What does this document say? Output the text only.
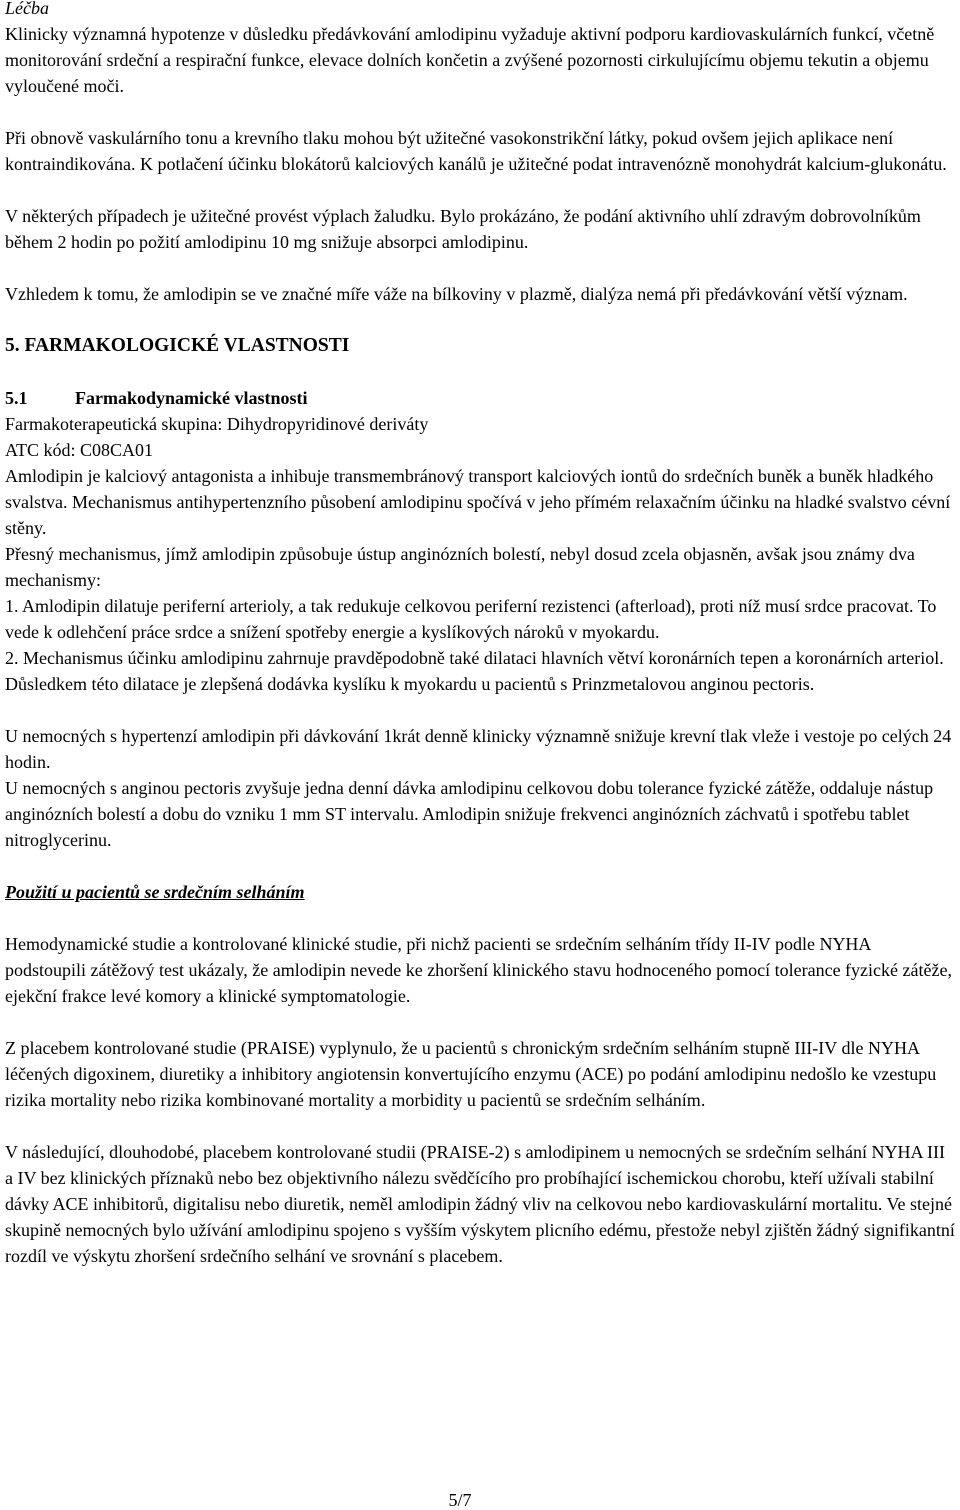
Léčba

Klinicky významná hypotenze v důsledku předávkování amlodipinu vyžaduje aktivní podporu kardiovaskulárních funkcí, včetně monitorování srdeční a respirační funkce, elevace dolních končetin a zvýšené pozornosti cirkulujícímu objemu tekutin a objemu vyloučené moči.

Při obnově vaskulárního tonu a krevního tlaku mohou být užitečné vasokonstrikční látky, pokud ovšem jejich aplikace není kontraindikována. K potlačení účinku blokátorů kalciových kanálů je užitečné podat intravenózně monohydrát kalcium-glukonátu.

V některých případech je užitečné provést výplach žaludku. Bylo prokázáno, že podání aktivního uhlí zdravým dobrovolníkům během 2 hodin po požití amlodipinu 10 mg snižuje absorpci amlodipinu.

Vzhledem k tomu, že amlodipin se ve značné míře váže na bílkoviny v plazmě, dialýza nemá při předávkování větší význam.

5. FARMAKOLOGICKÉ VLASTNOSTI

5.1	Farmakodynamické vlastnosti

Farmakoterapeutická skupina: Dihydropyridinové deriváty

ATC kód: C08CA01

Amlodipin je kalciový antagonista a inhibuje transmembránový transport kalciových iontů do srdečních buněk a buněk hladkého svalstva. Mechanismus antihypertenzního působení amlodipinu spočívá v jeho přímém relaxačním účinku na hladké svalstvo cévní stěny.

Přesný mechanismus, jímž amlodipin způsobuje ústup anginózních bolestí, nebyl dosud zcela objasněn, avšak jsou známy dva mechanismy:

1. Amlodipin dilatuje periferní arterioly, a tak redukuje celkovou periferní rezistenci (afterload), proti níž musí srdce pracovat. To vede k odlehčení práce srdce a snížení spotřeby energie a kyslíkových nároků v myokardu.

2. Mechanismus účinku amlodipinu zahrnuje pravděpodobně také dilataci hlavních větví koronárních tepen a koronárních arteriol. Důsledkem této dilatace je zlepšená dodávka kyslíku k myokardu u pacientů s Prinzmetalovou anginou pectoris.

U nemocných s hypertenzí amlodipin při dávkování 1krát denně klinicky významně snižuje krevní tlak vleže i vestoje po celých 24 hodin.

U nemocných s anginou pectoris zvyšuje jedna denní dávka amlodipinu celkovou dobu tolerance fyzické zátěže, oddaluje nástup anginózních bolestí a dobu do vzniku 1 mm ST intervalu. Amlodipin snižuje frekvenci anginózních záchvatů i spotřebu tablet nitroglycerinu.

Použití u pacientů se srdečním selháním

Hemodynamické studie a kontrolované klinické studie, při nichž pacienti se srdečním selháním třídy II-IV podle NYHA podstoupili zátěžový test ukázaly, že amlodipin nevede ke zhoršení klinického stavu hodnoceného pomocí tolerance fyzické zátěže, ejekční frakce levé komory a klinické symptomatologie.

Z placebem kontrolované studie (PRAISE) vyplynulo, že u pacientů s chronickým srdečním selháním stupně III-IV dle NYHA léčených digoxinem, diuretiky a inhibitory angiotensin konvertujícího enzymu (ACE) po podání amlodipinu nedošlo ke vzestupu rizika mortality nebo rizika kombinované mortality a morbidity u pacientů se srdečním selháním.

V následující, dlouhodobé, placebem kontrolované studii (PRAISE-2) s amlodipinem u nemocných se srdečním selhání NYHA III a IV bez klinických příznaků nebo bez objektivního nálezu svědčícího pro probíhající ischemickou chorobu, kteří užívali stabilní dávky ACE inhibitorů, digitalisu nebo diuretik, neměl amlodipin žádný vliv na celkovou nebo kardiovaskulární mortalitu. Ve stejné skupině nemocných bylo užívání amlodipinu spojeno s vyšším výskytem plicního edému, přestože nebyl zjištěn žádný signifikantní rozdíl ve výskytu zhoršení srdečního selhání ve srovnání s placebem.

5/7
